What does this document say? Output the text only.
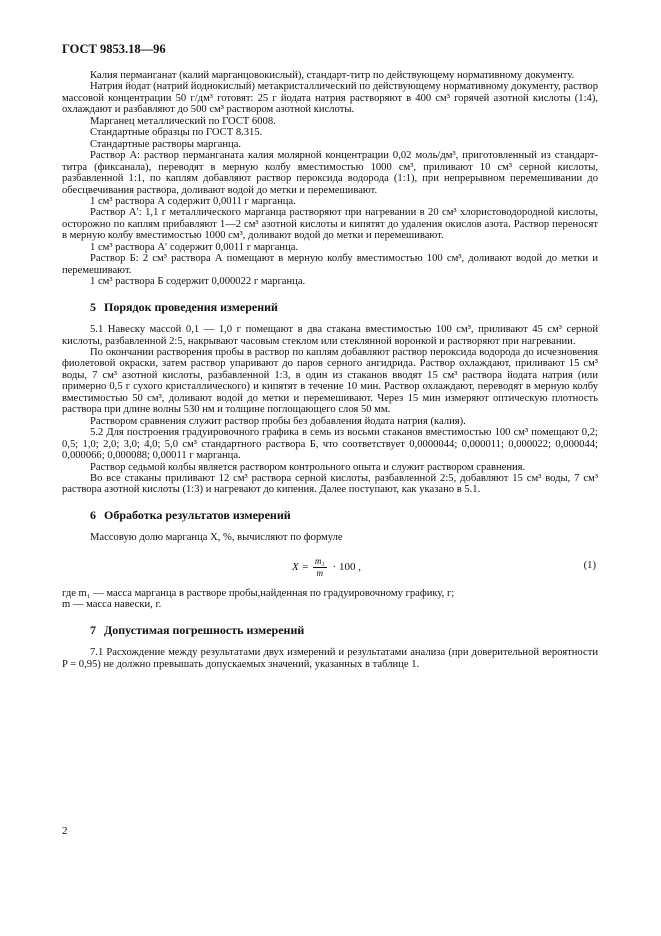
ГОСТ 9853.18—96

Калия перманганат (калий марганцовокислый), стандарт-титр по действующему нормативному документу.

Натрия йодат (натрий йоднокислый) метакристаллический по действующему нормативному документу, раствор массовой концентрации 50 г/дм³ готовят: 25 г йодата натрия растворяют в 400 см³ горячей азотной кислоты (1:4), охлаждают и разбавляют до 500 см³ раствором азотной кислоты.

Марганец металлический по ГОСТ 6008.

Стандартные образцы по ГОСТ 8.315.

Стандартные растворы марганца.

Раствор А: раствор перманганата калия молярной концентрации 0,02 моль/дм³, приготовленный из стандарт-титра (фиксанала), переводят в мерную колбу вместимостью 1000 см³, приливают 10 см³ серной кислоты, разбавленной 1:1, по каплям добавляют раствор пероксида водорода (1:1), при непрерывном перемешивании до обесцвечивания раствора, доливают водой до метки и перемешивают.

1 см³ раствора А содержит 0,0011 г марганца.

Раствор А′: 1,1 г металлического марганца растворяют при нагревании в 20 см³ хлористоводородной кислоты, осторожно по каплям прибавляют 1—2 см³ азотной кислоты и кипятят до удаления окислов азота. Раствор переносят в мерную колбу вместимостью 1000 см³, доливают водой до метки и перемешивают.

1 см³ раствора А′ содержит 0,0011 г марганца.

Раствор Б: 2 см³ раствора А помещают в мерную колбу вместимостью 100 см³, доливают водой до метки и перемешивают.

1 см³ раствора Б содержит 0,000022 г марганца.

5 Порядок проведения измерений

5.1 Навеску массой 0,1 — 1,0 г помещают в два стакана вместимостью 100 см³, приливают 45 см³ серной кислоты, разбавленной 2:5, накрывают часовым стеклом или стеклянной воронкой и растворяют при нагревании.

По окончании растворения пробы в раствор по каплям добавляют раствор пероксида водорода до исчезновения фиолетовой окраски, затем раствор упаривают до паров серного ангидрида. Раствор охлаждают, приливают 15 см³ воды, 7 см³ азотной кислоты, разбавленной 1:3, в один из стаканов вводят 15 см³ раствора йодата натрия (или примерно 0,5 г сухого кристаллического) и кипятят в течение 10 мин. Раствор охлаждают, переводят в мерную колбу вместимостью 50 см³, доливают водой до метки и перемешивают. Через 15 мин измеряют оптическую плотность раствора при длине волны 530 нм и толщине поглощающего слоя 50 мм.

Раствором сравнения служит раствор пробы без добавления йодата натрия (калия).

5.2 Для построения градуировочного графика в семь из восьми стаканов вместимостью 100 см³ помещают 0,2; 0,5; 1,0; 2,0; 3,0; 4,0; 5,0 см³ стандартного раствора Б, что соответствует 0,0000044; 0,000011; 0,000022; 0,000044; 0,000066; 0,000088; 0,00011 г марганца.

Раствор седьмой колбы является раствором контрольного опыта и служит раствором сравнения.

Во все стаканы приливают 12 см³ раствора серной кислоты, разбавленной 2:5, добавляют 15 см³ воды, 7 см³ раствора азотной кислоты (1:3) и нагревают до кипения. Далее поступают, как указано в 5.1.

6 Обработка результатов измерений

Массовую долю марганца X, %, вычисляют по формуле

$X = \frac{\text{m₁}}{m} \cdot 100$ ,	(1)

где m₁ — масса марганца в растворе пробы,найденная по градуировочному графику, г;

m — масса навески, г.

7 Допустимая погрешность измерений

7.1 Расхождение между результатами двух измерений и результатами анализа (при доверительной вероятности P = 0,95) не должно превышать допускаемых значений, указанных в таблице 1.

2
